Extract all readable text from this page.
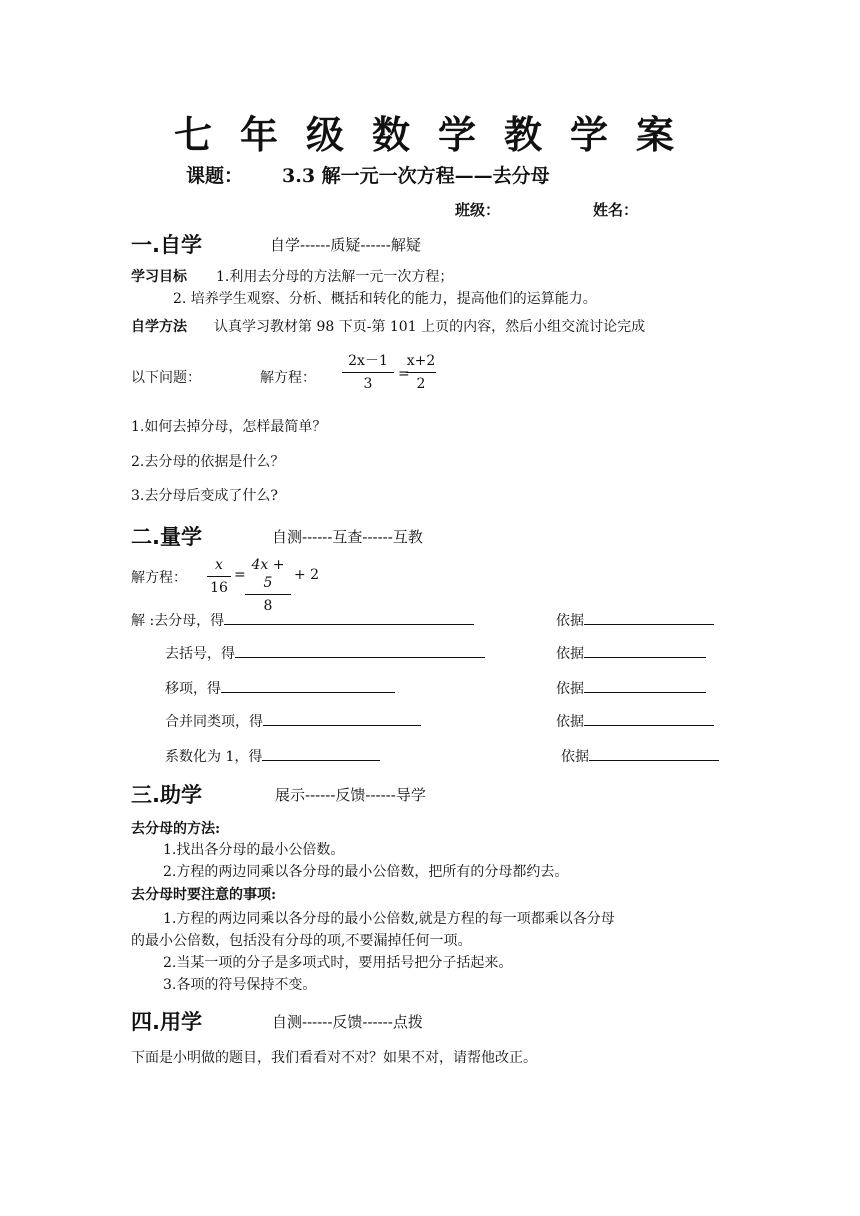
七 年 级 数 学 教 学 案
课题： 3.3 解一元一次方程——去分母
班级：	姓名：
一.自学	自学------质疑------解疑
学习目标 1.利用去分母的方法解一元一次方程；
2. 培养学生观察、分析、概括和转化的能力，提高他们的运算能力。
自学方法 认真学习教材第 98 下页-第 101 上页的内容，然后小组交流讨论完成
以下问题：	解方程：
2x－1
3
=
x+2
2
1.如何去掉分母，怎样最简单？
2.去分母的依据是什么？
3.去分母后变成了什么?
二.量学	自测------互查------互教
解方程：
x
16
=
4x + 5
8
+ 2
解 :去分母，得	依据
去括号，得	依据
移项，得	依据
合并同类项，得	依据
系数化为 1，得	依据
三.助学	展示------反馈------导学
去分母的方法:
1.找出各分母的最小公倍数。
2.方程的两边同乘以各分母的最小公倍数，把所有的分母都约去。
去分母时要注意的事项:
1.方程的两边同乘以各分母的最小公倍数,就是方程的每一项都乘以各分母
的最小公倍数，包括没有分母的项,不要漏掉任何一项。
2.当某一项的分子是多项式时，要用括号把分子括起来。
3.各项的符号保持不变。
四.用学	自测------反馈------点拨
下面是小明做的题目，我们看看对不对？如果不对，请帮他改正。
